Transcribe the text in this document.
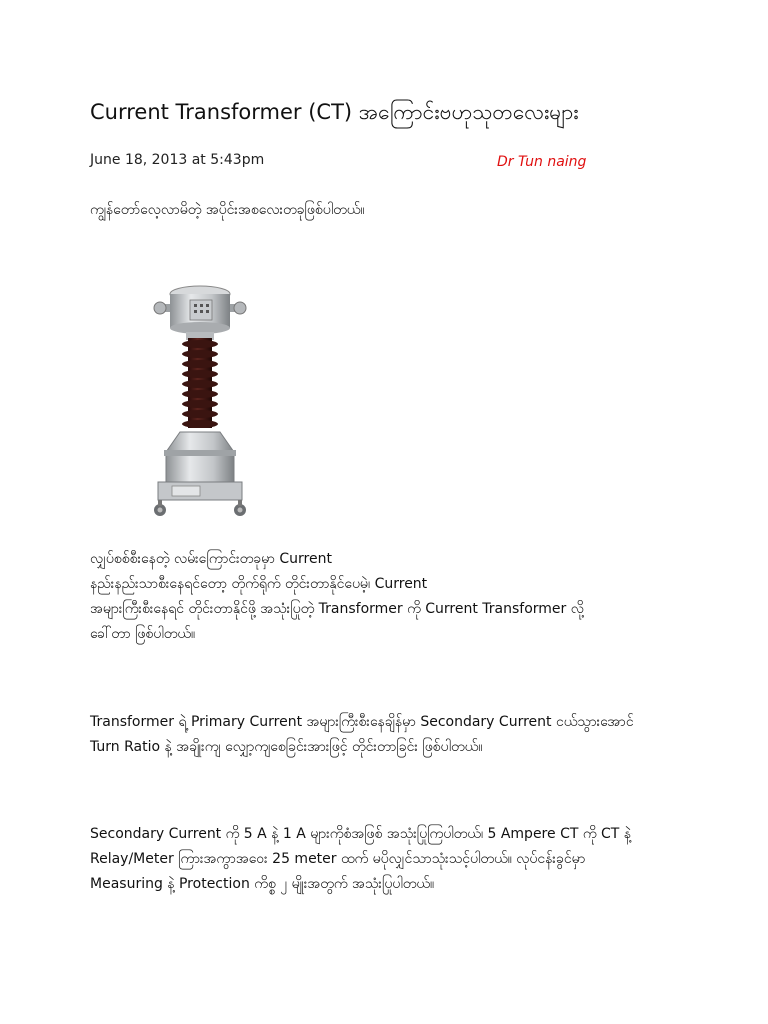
Current Transformer (CT) အကြောင်းဗဟုသုတလေးများ
June 18, 2013 at 5:43pm	Dr Tun naing
ကျွန်တော်လေ့လာမိတဲ့ အပိုင်းအစလေးတခုဖြစ်ပါတယ်။
လျှပ်စစ်စီးနေတဲ့ လမ်းကြောင်းတခုမှာ Current
နည်းနည်းသာစီးနေရင်တော့ တိုက်ရိုက် တိုင်းတာနိုင်ပေမဲ့၊ Current
အများကြီးစီးနေရင် တိုင်းတာနိုင်ဖို့ အသုံးပြုတဲ့ Transformer ကို Current Transformer လို့
ခေါ်တာ ဖြစ်ပါတယ်။
Transformer ရဲ့ Primary Current အများကြီးစီးနေချိန်မှာ Secondary Current ငယ်သွားအောင်
Turn Ratio နဲ့ အချိုးကျ လျှော့ကျစေခြင်းအားဖြင့် တိုင်းတာခြင်း ဖြစ်ပါတယ်။
Secondary Current ကို 5 A နဲ့ 1 A များကိုစံအဖြစ် အသုံးပြုကြပါတယ်၊ 5 Ampere CT ကို CT နဲ့
Relay/Meter ကြားအကွာအဝေး 25 meter ထက် မပိုလျှင်သာသုံးသင့်ပါတယ်။ လုပ်ငန်းခွင်မှာ
Measuring နဲ့ Protection ကိစ္စ ၂ မျိုးအတွက် အသုံးပြုပါတယ်။
